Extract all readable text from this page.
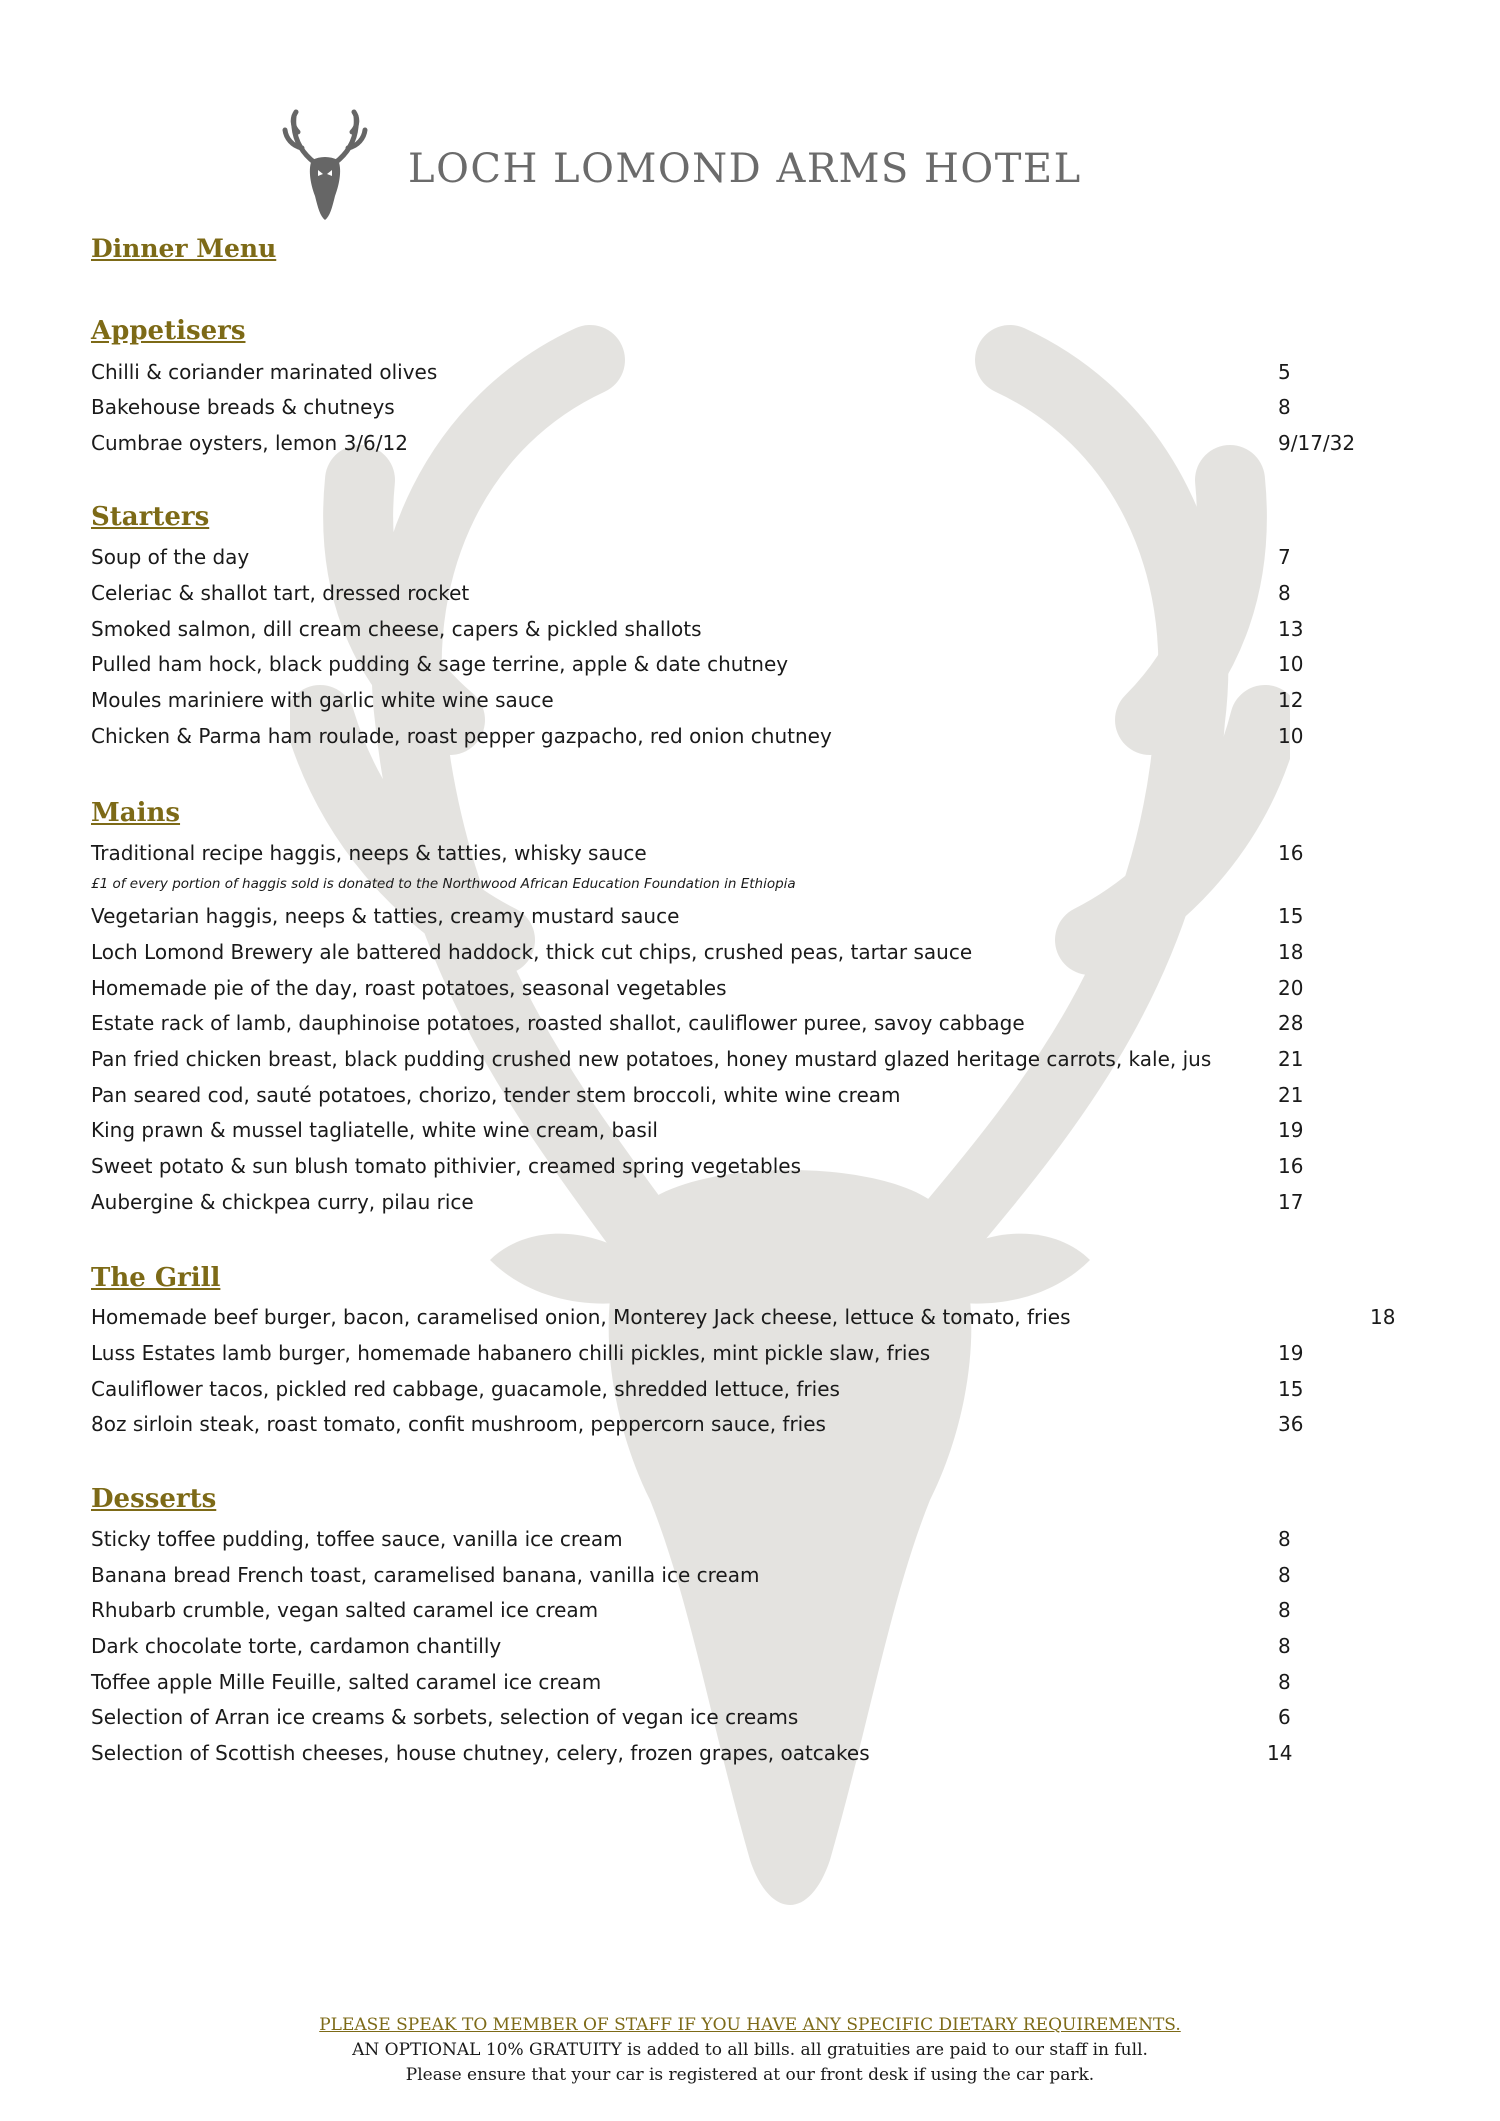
LOCH LOMOND ARMS HOTEL
Dinner Menu
Appetisers
Chilli & coriander marinated olives	5
Bakehouse breads & chutneys	8
Cumbrae oysters, lemon 3/6/12	9/17/32
Starters
Soup of the day	7
Celeriac & shallot tart, dressed rocket	8
Smoked salmon, dill cream cheese, capers & pickled shallots	13
Pulled ham hock, black pudding & sage terrine, apple & date chutney	10
Moules mariniere with garlic white wine sauce	12
Chicken & Parma ham roulade, roast pepper gazpacho, red onion chutney	10
Mains
Traditional recipe haggis, neeps & tatties, whisky sauce	16
£1 of every portion of haggis sold is donated to the Northwood African Education Foundation in Ethiopia
Vegetarian haggis, neeps & tatties, creamy mustard sauce	15
Loch Lomond Brewery ale battered haddock, thick cut chips, crushed peas, tartar sauce	18
Homemade pie of the day, roast potatoes, seasonal vegetables	20
Estate rack of lamb, dauphinoise potatoes, roasted shallot, cauliflower puree, savoy cabbage	28
Pan fried chicken breast, black pudding crushed new potatoes, honey mustard glazed heritage carrots, kale, jus	21
Pan seared cod, sauté potatoes, chorizo, tender stem broccoli, white wine cream	21
King prawn & mussel tagliatelle, white wine cream, basil	19
Sweet potato & sun blush tomato pithivier, creamed spring vegetables	16
Aubergine & chickpea curry, pilau rice	17
The Grill
Homemade beef burger, bacon, caramelised onion, Monterey Jack cheese, lettuce & tomato, fries	18
Luss Estates lamb burger, homemade habanero chilli pickles, mint pickle slaw, fries	19
Cauliflower tacos, pickled red cabbage, guacamole, shredded lettuce, fries	15
8oz sirloin steak, roast tomato, confit mushroom, peppercorn sauce, fries	36
Desserts
Sticky toffee pudding, toffee sauce, vanilla ice cream	8
Banana bread French toast, caramelised banana, vanilla ice cream	8
Rhubarb crumble, vegan salted caramel ice cream	8
Dark chocolate torte, cardamon chantilly	8
Toffee apple Mille Feuille, salted caramel ice cream	8
Selection of Arran ice creams & sorbets, selection of vegan ice creams	6
Selection of Scottish cheeses, house chutney, celery, frozen grapes, oatcakes	14
PLEASE SPEAK TO MEMBER OF STAFF IF YOU HAVE ANY SPECIFIC DIETARY REQUIREMENTS.
AN OPTIONAL 10% GRATUITY is added to all bills. all gratuities are paid to our staff in full.
Please ensure that your car is registered at our front desk if using the car park.
